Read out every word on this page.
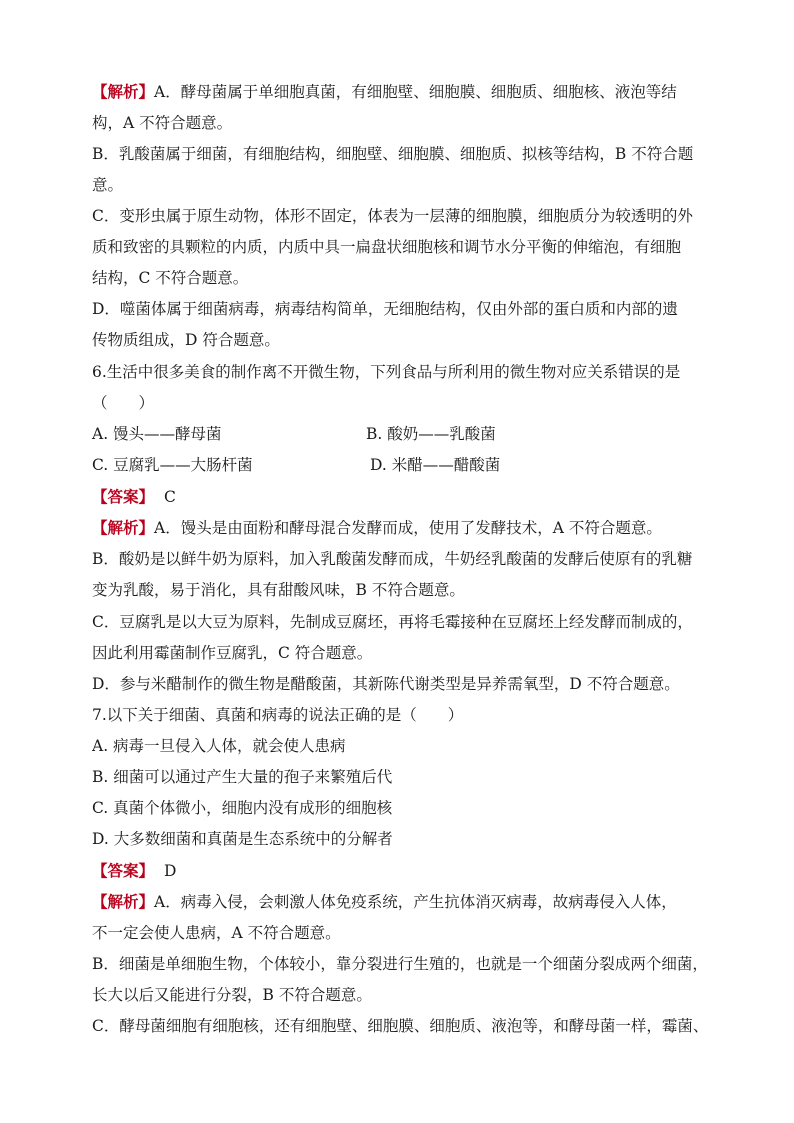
【解析】A．酵母菌属于单细胞真菌，有细胞壁、细胞膜、细胞质、细胞核、液泡等结
构，A 不符合题意。
B．乳酸菌属于细菌，有细胞结构，细胞壁、细胞膜、细胞质、拟核等结构，B 不符合题
意。
C．变形虫属于原生动物，体形不固定，体表为一层薄的细胞膜，细胞质分为较透明的外
质和致密的具颗粒的内质，内质中具一扁盘状细胞核和调节水分平衡的伸缩泡，有细胞
结构，C 不符合题意。
D．噬菌体属于细菌病毒，病毒结构简单，无细胞结构，仅由外部的蛋白质和内部的遗
传物质组成，D 符合题意。
6.生活中很多美食的制作离不开微生物，下列食品与所利用的微生物对应关系错误的是
（　　）
A. 馒头——酵母菌	B. 酸奶——乳酸菌
C. 豆腐乳——大肠杆菌	D. 米醋——醋酸菌
【答案】 C
【解析】A．馒头是由面粉和酵母混合发酵而成，使用了发酵技术，A 不符合题意。
B．酸奶是以鲜牛奶为原料，加入乳酸菌发酵而成，牛奶经乳酸菌的发酵后使原有的乳糖
变为乳酸，易于消化，具有甜酸风味，B 不符合题意。
C．豆腐乳是以大豆为原料，先制成豆腐坯，再将毛霉接种在豆腐坯上经发酵而制成的，
因此利用霉菌制作豆腐乳，C 符合题意。
D．参与米醋制作的微生物是醋酸菌，其新陈代谢类型是异养需氧型，D 不符合题意。
7.以下关于细菌、真菌和病毒的说法正确的是（　　）
A. 病毒一旦侵入人体，就会使人患病
B. 细菌可以通过产生大量的孢子来繁殖后代
C. 真菌个体微小，细胞内没有成形的细胞核
D. 大多数细菌和真菌是生态系统中的分解者
【答案】 D
【解析】A．病毒入侵，会刺激人体免疫系统，产生抗体消灭病毒，故病毒侵入人体，
不一定会使人患病，A 不符合题意。
B．细菌是单细胞生物，个体较小，靠分裂进行生殖的，也就是一个细菌分裂成两个细菌，
长大以后又能进行分裂，B 不符合题意。
C．酵母菌细胞有细胞核，还有细胞壁、细胞膜、细胞质、液泡等，和酵母菌一样，霉菌、
